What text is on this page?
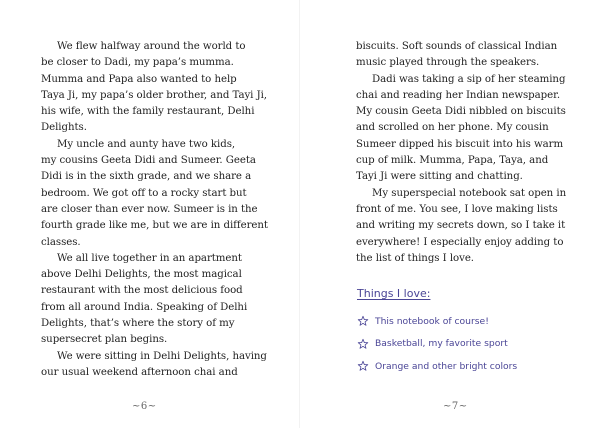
We flew halfway around the world to
be closer to Dadi, my papa’s mumma.
Mumma and Papa also wanted to help
Taya Ji, my papa’s older brother, and Tayi Ji,
his wife, with the family restaurant, Delhi
Delights.
My uncle and aunty have two kids,
my cousins Geeta Didi and Sumeer. Geeta
Didi is in the sixth grade, and we share a
bedroom. We got off to a rocky start but
are closer than ever now. Sumeer is in the
fourth grade like me, but we are in different
classes.
We all live together in an apartment
above Delhi Delights, the most magical
restaurant with the most delicious food
from all around India. Speaking of Delhi
Delights, that’s where the story of my
supersecret plan begins.
We were sitting in Delhi Delights, having
our usual weekend afternoon chai and
~6~
biscuits. Soft sounds of classical Indian
music played through the speakers.
Dadi was taking a sip of her steaming
chai and reading her Indian newspaper.
My cousin Geeta Didi nibbled on biscuits
and scrolled on her phone. My cousin
Sumeer dipped his biscuit into his warm
cup of milk. Mumma, Papa, Taya, and
Tayi Ji were sitting and chatting.
My superspecial notebook sat open in
front of me. You see, I love making lists
and writing my secrets down, so I take it
everywhere! I especially enjoy adding to
the list of things I love.
Things I love:
This notebook of course!
Basketball, my favorite sport
Orange and other bright colors
~7~
